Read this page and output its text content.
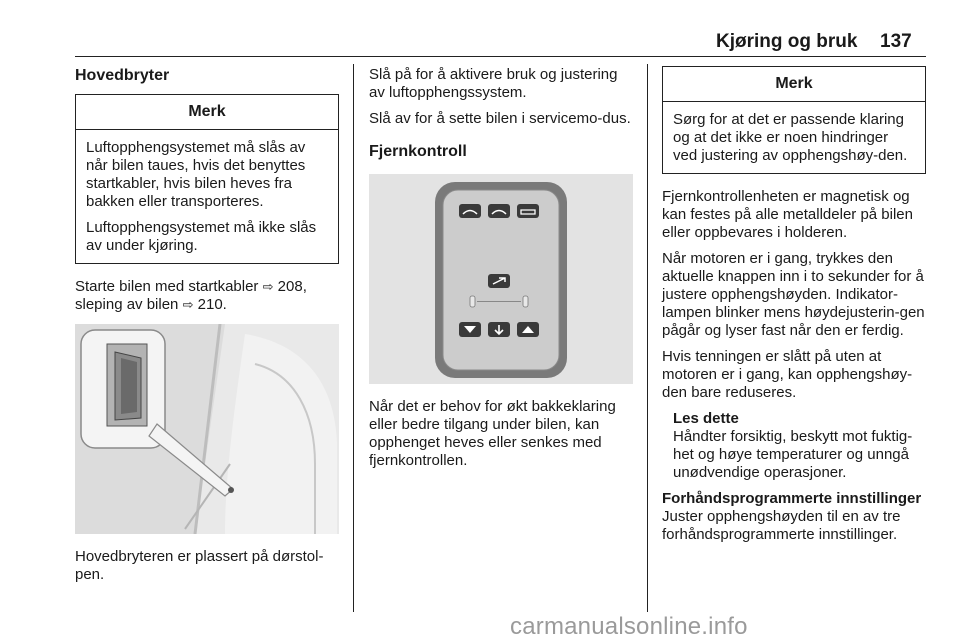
Kjøring og bruk 137
Hovedbryter
Merk

Luftopphengsystemet må slås av når bilen taues, hvis det benyttes startkabler, hvis bilen heves fra bakken eller transporteres.

Luftopphengsystemet må ikke slås av under kjøring.

Starte bilen med startkabler ⇨ 208,
sleping av bilen ⇨ 210.

Hovedbryteren er plassert på dørstol-pen.

Slå på for å aktivere bruk og justering av luftopphengssystem.

Slå av for å sette bilen i servicemo-dus.

Fjernkontroll

Når det er behov for økt bakkeklaring eller bedre tilgang under bilen, kan opphenget heves eller senkes med fjernkontrollen.

Merk

Sørg for at det er passende klaring og at det ikke er noen hindringer ved justering av opphengshøy-den.

Fjernkontrollenheten er magnetisk og kan festes på alle metalldeler på bilen eller oppbevares i holderen.

Når motoren er i gang, trykkes den aktuelle knappen inn i to sekunder for å justere opphengshøyden. Indikator-lampen blinker mens høydejusterin-gen pågår og lyser fast når den er ferdig.

Hvis tenningen er slått på uten at motoren er i gang, kan opphengshøy-den bare reduseres.

Les dette
Håndter forsiktig, beskytt mot fuktig-het og høye temperaturer og unngå unødvendige operasjoner.
Forhåndsprogrammerte innstillinger

Juster opphengshøyden til en av tre forhåndsprogrammerte innstillinger.

carmanualsonline.info
